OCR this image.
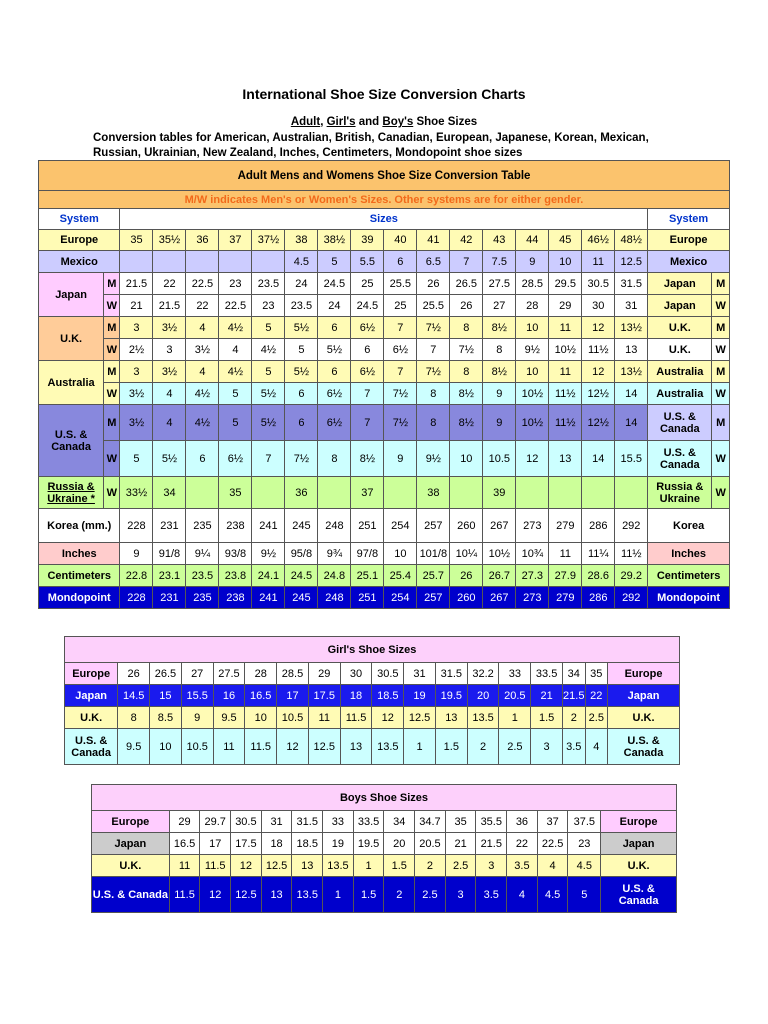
International Shoe Size Conversion Charts
Adult, Girl's and Boy's Shoe Sizes
Conversion tables for American, Australian, British, Canadian, European, Japanese, Korean, Mexican, Russian, Ukrainian, New Zealand, Inches, Centimeters, Mondopoint shoe sizes
Adult Mens and Womens Shoe Size Conversion Table																			
M/W indicates Men's or Women's Sizes. Other systems are for either gender.																			
System		Sizes																System	
Europe		35	35½	36	37	37½	38	38½	39	40	41	42	43	44	45	46½	48½	Europe	
Mexico							4.5	5	5.5	6	6.5	7	7.5	9	10	11	12.5	Mexico	
Japan	M	21.5	22	22.5	23	23.5	24	24.5	25	25.5	26	26.5	27.5	28.5	29.5	30.5	31.5	Japan	M
	W	21	21.5	22	22.5	23	23.5	24	24.5	25	25.5	26	27	28	29	30	31	Japan	W
U.K.	M	3	3½	4	4½	5	5½	6	6½	7	7½	8	8½	10	11	12	13½	U.K.	M
	W	2½	3	3½	4	4½	5	5½	6	6½	7	7½	8	9½	10½	11½	13	U.K.	W
Australia	M	3	3½	4	4½	5	5½	6	6½	7	7½	8	8½	10	11	12	13½	Australia	M
	W	3½	4	4½	5	5½	6	6½	7	7½	8	8½	9	10½	11½	12½	14	Australia	W
U.S. & Canada	M	3½	4	4½	5	5½	6	6½	7	7½	8	8½	9	10½	11½	12½	14	U.S. & Canada	M
	W	5	5½	6	6½	7	7½	8	8½	9	9½	10	10.5	12	13	14	15.5	U.S. & Canada	W
Russia & Ukraine *	W	33½	34		35		36		37		38		39					Russia & Ukraine	W
Korea (mm.)		228	231	235	238	241	245	248	251	254	257	260	267	273	279	286	292	Korea	
Inches		9	91/8	9¼	93/8	9½	95/8	9¾	97/8	10	101/8	10¼	10½	10¾	11	11¼	11½	Inches	
Centimeters		22.8	23.1	23.5	23.8	24.1	24.5	24.8	25.1	25.4	25.7	26	26.7	27.3	27.9	28.6	29.2	Centimeters	
Mondopoint		228	231	235	238	241	245	248	251	254	257	260	267	273	279	286	292	Mondopoint	
Girl's Shoe Sizes																	
Europe	26	26.5	27	27.5	28	28.5	29	30	30.5	31	31.5	32.2	33	33.5	34	35	Europe
Japan	14.5	15	15.5	16	16.5	17	17.5	18	18.5	19	19.5	20	20.5	21	21.5	22	Japan
U.K.	8	8.5	9	9.5	10	10.5	11	11.5	12	12.5	13	13.5	1	1.5	2	2.5	U.K.
U.S. & Canada	9.5	10	10.5	11	11.5	12	12.5	13	13.5	1	1.5	2	2.5	3	3.5	4	U.S. & Canada
Boys Shoe Sizes															
Europe	29	29.7	30.5	31	31.5	33	33.5	34	34.7	35	35.5	36	37	37.5	Europe
Japan	16.5	17	17.5	18	18.5	19	19.5	20	20.5	21	21.5	22	22.5	23	Japan
U.K.	11	11.5	12	12.5	13	13.5	1	1.5	2	2.5	3	3.5	4	4.5	U.K.
U.S. & Canada	11.5	12	12.5	13	13.5	1	1.5	2	2.5	3	3.5	4	4.5	5	U.S. & Canada
